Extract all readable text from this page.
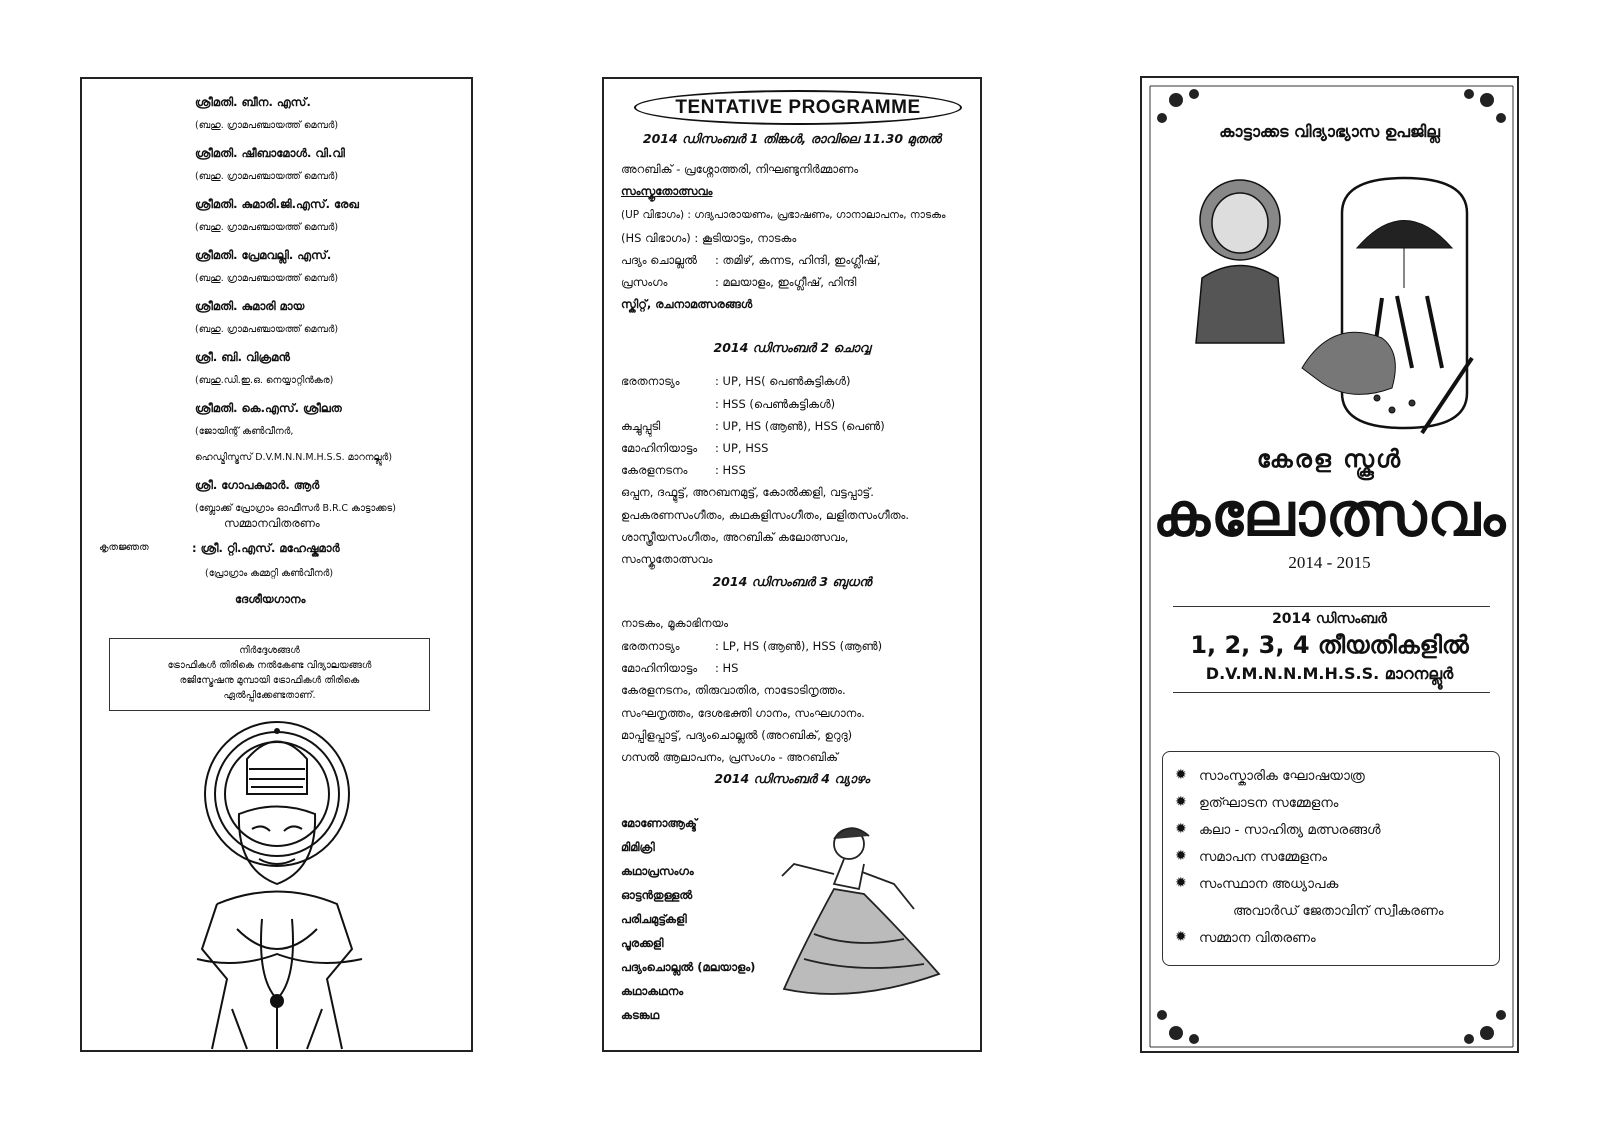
ശ്രീമതി. ബീന. എസ്.
(ബഹു. ഗ്രാമപഞ്ചായത്ത് മെമ്പർ)
ശ്രീമതി. ഷീബാമോൾ. വി.വി
(ബഹു. ഗ്രാമപഞ്ചായത്ത് മെമ്പർ)
ശ്രീമതി. കുമാരി.ജി.എസ്. രേഖ
(ബഹു. ഗ്രാമപഞ്ചായത്ത് മെമ്പർ)
ശ്രീമതി. പ്രേമവല്ലി. എസ്.
(ബഹു. ഗ്രാമപഞ്ചായത്ത് മെമ്പർ)
ശ്രീമതി. കുമാരി മായ
(ബഹു. ഗ്രാമപഞ്ചായത്ത് മെമ്പർ)
ശ്രീ. ബി. വിക്രമൻ
(ബഹു.ഡി.ഇ.ഒ. നെയ്യാറ്റിൻകര)
ശ്രീമതി. കെ.എസ്. ശ്രീലത
(ജോയിന്റ് കൺവീനർ,
ഹെഡ്മിസ്ട്രസ് D.V.M.N.N.M.H.S.S. മാറനല്ലൂർ)
ശ്രീ. ഗോപകുമാർ. ആർ
(ബ്ലോക്ക് പ്രോഗ്രാം ഓഫീസർ B.R.C കാട്ടാക്കട)
സമ്മാനവിതരണം
കൃതജ്ഞത	: ശ്രീ. റ്റി.എസ്. മഹേഷ്കുമാർ
(പ്രോഗ്രാം കമ്മറ്റി കൺവീനർ)
ദേശീയഗാനം
നിർദ്ദേശങ്ങൾ
ട്രോഫികൾ തിരികെ നൽകേണ്ട വിദ്യാലയങ്ങൾ
രജിസ്ട്രേഷനു മുമ്പായി ട്രോഫികൾ തിരികെ
ഏൽപ്പിക്കേണ്ടതാണ്.
TENTATIVE PROGRAMME
2014 ഡിസംബർ 1 തിങ്കൾ, രാവിലെ 11.30 മുതൽ
അറബിക് - പ്രശ്നോത്തരി, നിഘണ്ടുനിർമ്മാണം
സംസ്കൃതോത്സവം
(UP വിഭാഗം) : ഗദ്യപാരായണം, പ്രഭാഷണം, ഗാനാലാപനം, നാടകം
(HS വിഭാഗം) : കൂടിയാട്ടം, നാടകം
പദ്യം ചൊല്ലൽ : തമിഴ്, കന്നട, ഹിന്ദി, ഇംഗ്ലീഷ്,
പ്രസംഗം	: മലയാളം, ഇംഗ്ലീഷ്, ഹിന്ദി
സ്കിറ്റ്, രചനാമത്സരങ്ങൾ
2014 ഡിസംബർ 2 ചൊവ്വ
ഭരതനാട്യം	: UP, HS( പെൺകുട്ടികൾ)
: HSS (പെൺകുട്ടികൾ)
കുച്ചുപ്പുടി	: UP, HS (ആൺ), HSS (പെൺ)
മോഹിനിയാട്ടം : UP, HSS
കേരളനടനം : HSS
ഒപ്പന, ദഫ്മുട്ട്, അറബനമുട്ട്, കോൽക്കളി, വട്ടപ്പാട്ട്.
ഉപകരണസംഗീതം, കഥകളിസംഗീതം, ലളിതസംഗീതം.
ശാസ്ത്രീയസംഗീതം, അറബിക് കലോത്സവം,
സംസ്കൃതോത്സവം
2014 ഡിസംബർ 3 ബുധൻ
നാടകം, മൂകാഭിനയം
ഭരതനാട്യം	: LP, HS (ആൺ), HSS (ആൺ)
മോഹിനിയാട്ടം : HS
കേരളനടനം, തിരുവാതിര, നാടോടിനൃത്തം.
സംഘനൃത്തം, ദേശഭക്തി ഗാനം, സംഘഗാനം.
മാപ്പിളപ്പാട്ട്, പദ്യംചൊല്ലൽ (അറബിക്, ഉറുദു)
ഗസൽ ആലാപനം, പ്രസംഗം - അറബിക്
2014 ഡിസംബർ 4 വ്യാഴം
മോണോആക്ട്
മിമിക്രി
കഥാപ്രസംഗം
ഓട്ടൻതുള്ളൽ
പരിചമുട്ട്കളി
പൂരക്കളി
പദ്യംചൊല്ലൽ (മലയാളം)
കഥാകഥനം
കടങ്കഥ
കാട്ടാക്കട വിദ്യാഭ്യാസ ഉപജില്ല
കേരള സ്കൂൾ
കലോത്സവം
2014 - 2015
2014 ഡിസംബർ
1, 2, 3, 4 തീയതികളിൽ
D.V.M.N.N.M.H.S.S. മാറനല്ലൂർ
✹ സാംസ്കാരിക ഘോഷയാത്ര
✹ ഉത്ഘാടന സമ്മേളനം
✹ കലാ - സാഹിത്യ മത്സരങ്ങൾ
✹ സമാപന സമ്മേളനം
✹ സംസ്ഥാന അധ്യാപക
അവാർഡ് ജേതാവിന് സ്വീകരണം
✹ സമ്മാന വിതരണം
